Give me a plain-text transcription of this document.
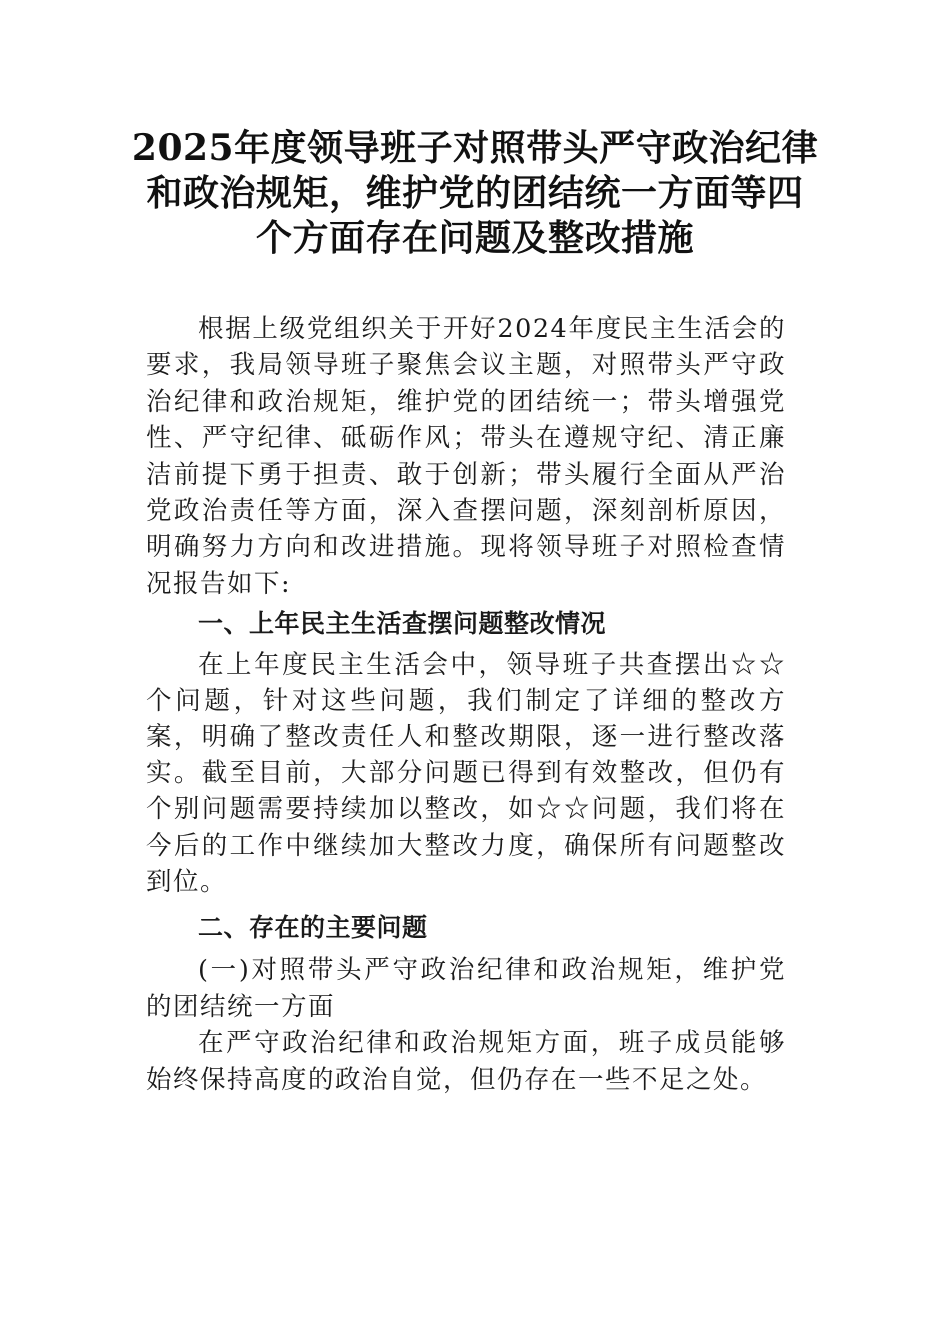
2025年度领导班子对照带头严守政治纪律和政治规矩，维护党的团结统一方面等四个方面存在问题及整改措施

根据上级党组织关于开好2024年度民主生活会的要求，我局领导班子聚焦会议主题，对照带头严守政治纪律和政治规矩，维护党的团结统一；带头增强党性、严守纪律、砥砺作风；带头在遵规守纪、清正廉洁前提下勇于担责、敢于创新；带头履行全面从严治党政治责任等方面，深入查摆问题，深刻剖析原因，明确努力方向和改进措施。现将领导班子对照检查情况报告如下:

一、上年民主生活查摆问题整改情况

在上年度民主生活会中，领导班子共查摆出☆☆个问题，针对这些问题，我们制定了详细的整改方案，明确了整改责任人和整改期限，逐一进行整改落实。截至目前，大部分问题已得到有效整改，但仍有个别问题需要持续加以整改，如☆☆问题，我们将在今后的工作中继续加大整改力度，确保所有问题整改到位。

二、存在的主要问题

(一)对照带头严守政治纪律和政治规矩，维护党的团结统一方面

在严守政治纪律和政治规矩方面，班子成员能够始终保持高度的政治自觉，但仍存在一些不足之处。
